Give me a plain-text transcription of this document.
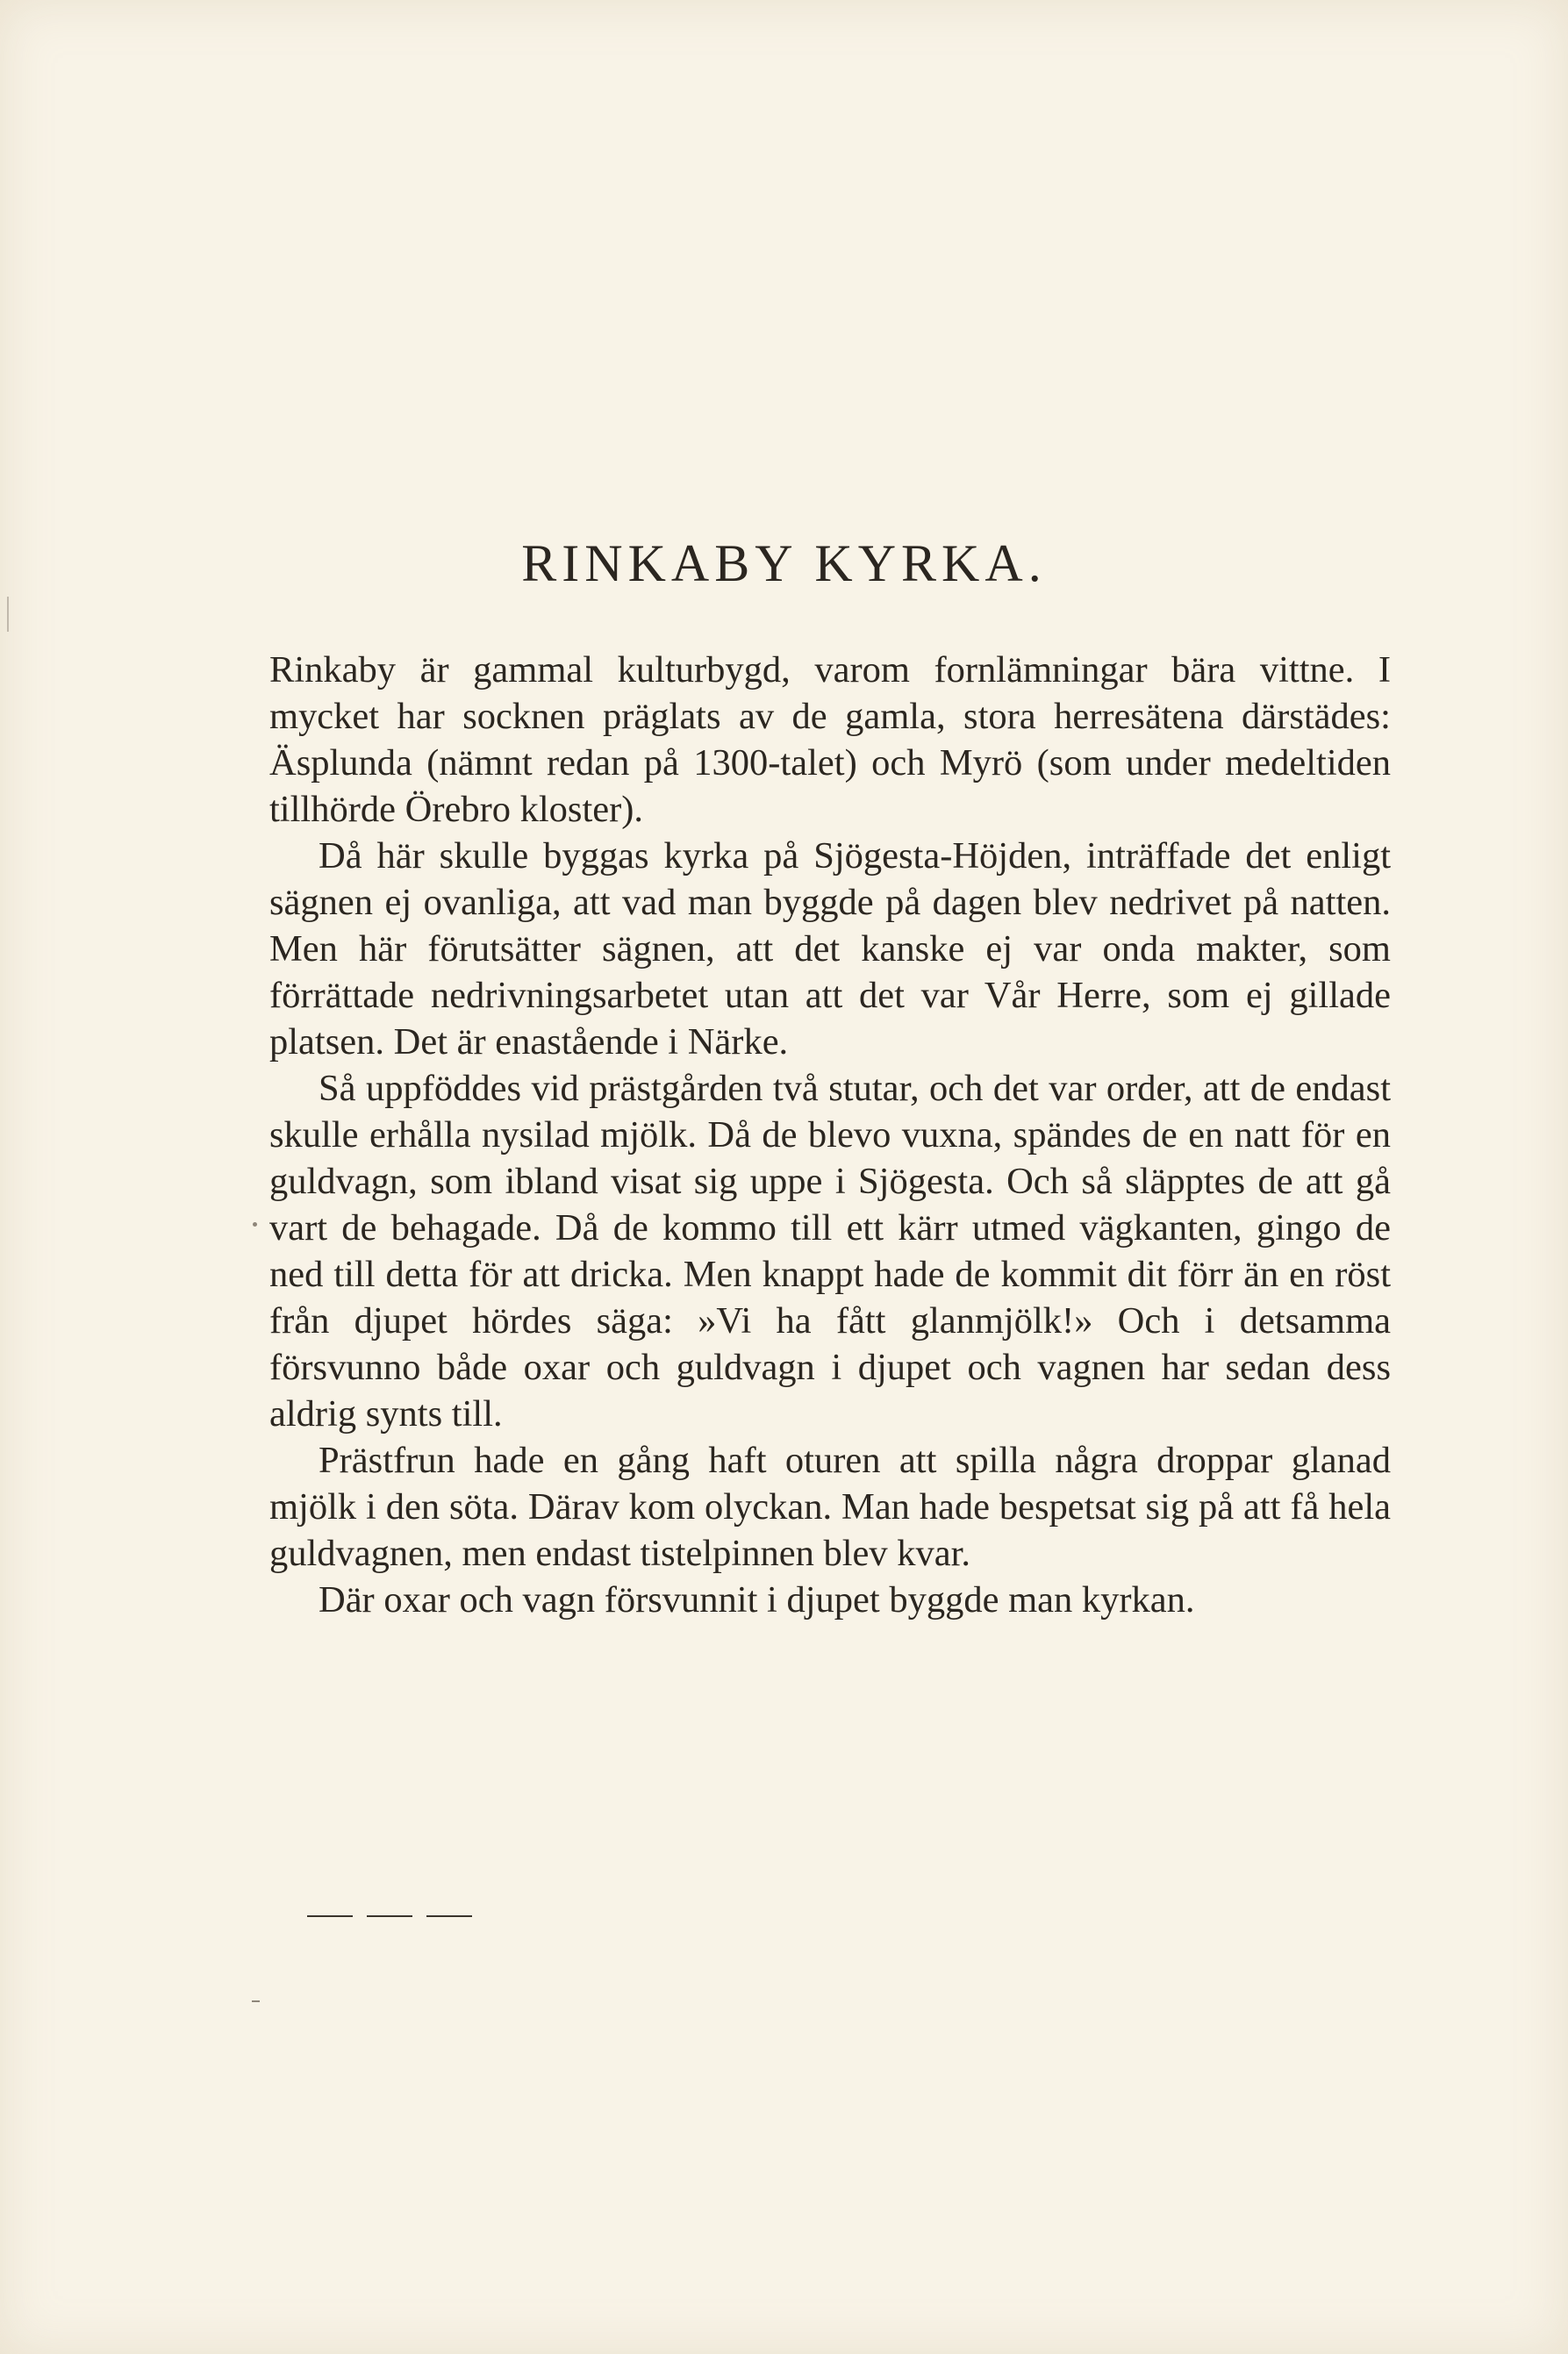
RINKABY KYRKA.

Rinkaby är gammal kulturbygd, varom fornlämningar bära vittne. I mycket har socknen präglats av de gamla, stora herresätena därstädes: Äsplunda (nämnt redan på 1300-talet) och Myrö (som under medeltiden tillhörde Örebro kloster).

Då här skulle byggas kyrka på Sjögesta-Höjden, inträffade det enligt sägnen ej ovanliga, att vad man byggde på dagen blev nedrivet på natten. Men här förutsätter sägnen, att det kanske ej var onda makter, som förrättade nedrivningsarbetet utan att det var Vår Herre, som ej gillade platsen. Det är enastående i Närke.

Så uppföddes vid prästgården två stutar, och det var order, att de endast skulle erhålla nysilad mjölk. Då de blevo vuxna, spändes de en natt för en guldvagn, som ibland visat sig uppe i Sjögesta. Och så släpptes de att gå vart de behagade. Då de kommo till ett kärr utmed vägkanten, gingo de ned till detta för att dricka. Men knappt hade de kommit dit förr än en röst från djupet hördes säga: »Vi ha fått glanmjölk!» Och i detsamma försvunno både oxar och guldvagn i djupet och vagnen har sedan dess aldrig synts till.

Prästfrun hade en gång haft oturen att spilla några droppar glanad mjölk i den söta. Därav kom olyckan. Man hade bespetsat sig på att få hela guldvagnen, men endast tistelpinnen blev kvar.

Där oxar och vagn försvunnit i djupet byggde man kyrkan.
